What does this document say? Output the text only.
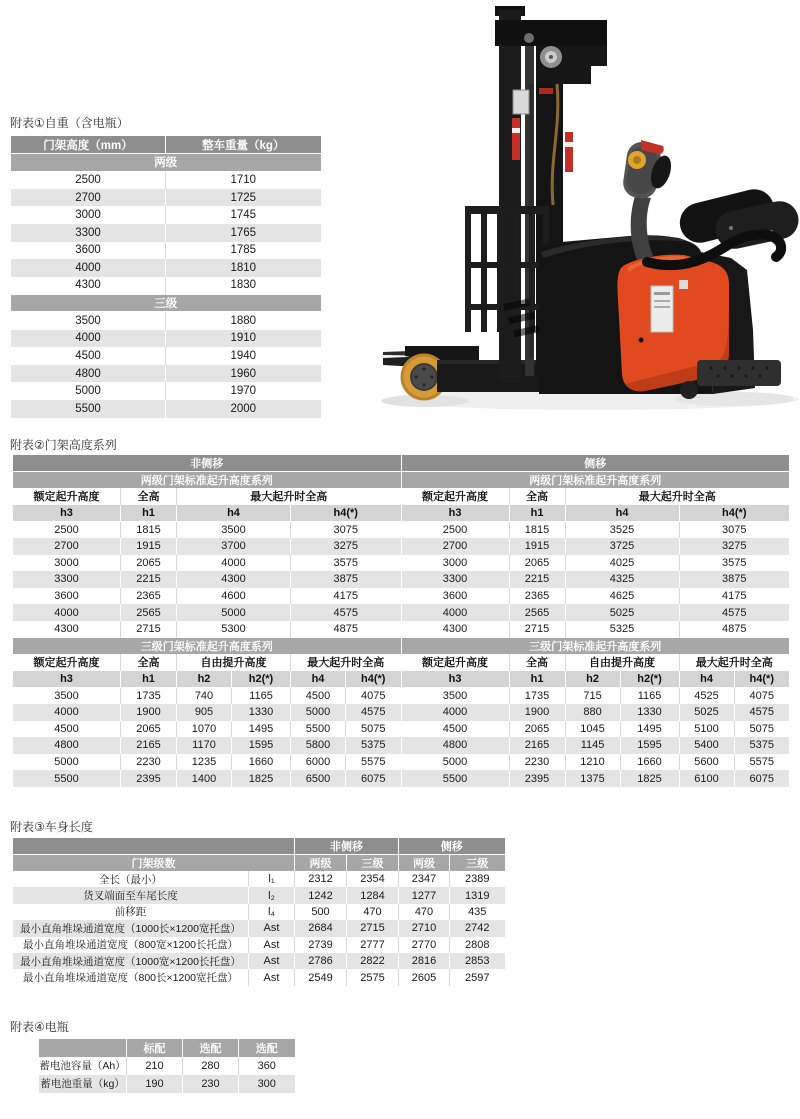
附表①自重（含电瓶）
门架高度（mm）	整车重量（kg）
两级	
2500	1710
2700	1725
3000	1745
3300	1765
3600	1785
4000	1810
4300	1830
三级	
3500	1880
4000	1910
4500	1940
4800	1960
5000	1970
5500	2000
附表②门架高度系列
非侧移					
两级门架标准起升高度系列					
额定起升高度	全高	最大起升时全高			
h3	h1	h4		h4(*)	
2500	1815	3500		3075	
2700	1915	3700		3275	
3000	2065	4000		3575	
3300	2215	4300		3875	
3600	2365	4600		4175	
4000	2565	5000		4575	
4300	2715	5300		4875	
三级门架标准起升高度系列					
额定起升高度	全高	自由提升高度		最大起升时全高	
h3	h1	h2	h2(*)	h4	h4(*)
3500	1735	740	1165	4500	4075
4000	1900	905	1330	5000	4575
4500	2065	1070	1495	5500	5075
4800	2165	1170	1595	5800	5375
5000	2230	1235	1660	6000	5575
5500	2395	1400	1825	6500	6075
侧移					
两级门架标准起升高度系列					
额定起升高度	全高	最大起升时全高			
h3	h1	h4		h4(*)	
2500	1815	3525		3075	
2700	1915	3725		3275	
3000	2065	4025		3575	
3300	2215	4325		3875	
3600	2365	4625		4175	
4000	2565	5025		4575	
4300	2715	5325		4875	
三级门架标准起升高度系列					
额定起升高度	全高	自由提升高度		最大起升时全高	
h3	h1	h2	h2(*)	h4	h4(*)
3500	1735	715	1165	4525	4075
4000	1900	880	1330	5025	4575
4500	2065	1045	1495	5100	5075
4800	2165	1145	1595	5400	5375
5000	2230	1210	1660	5600	5575
5500	2395	1375	1825	6100	6075
附表③车身长度
		非侧移		侧移	
门架级数		两级	三级	两级	三级
全长（最小）	l₁	2312	2354	2347	2389
货叉端面至车尾长度	l₂	1242	1284	1277	1319
前移距	l₄	500	470	470	435
最小直角堆垛通道宽度（1000长×1200宽托盘）	Ast	2684	2715	2710	2742
最小直角堆垛通道宽度（800宽×1200长托盘）	Ast	2739	2777	2770	2808
最小直角堆垛通道宽度（1000宽×1200长托盘）	Ast	2786	2822	2816	2853
最小直角堆垛通道宽度（800长×1200宽托盘）	Ast	2549	2575	2605	2597
附表④电瓶
	标配	选配	选配
蓄电池容量（Ah）	210	280	360
蓄电池重量（kg）	190	230	300
